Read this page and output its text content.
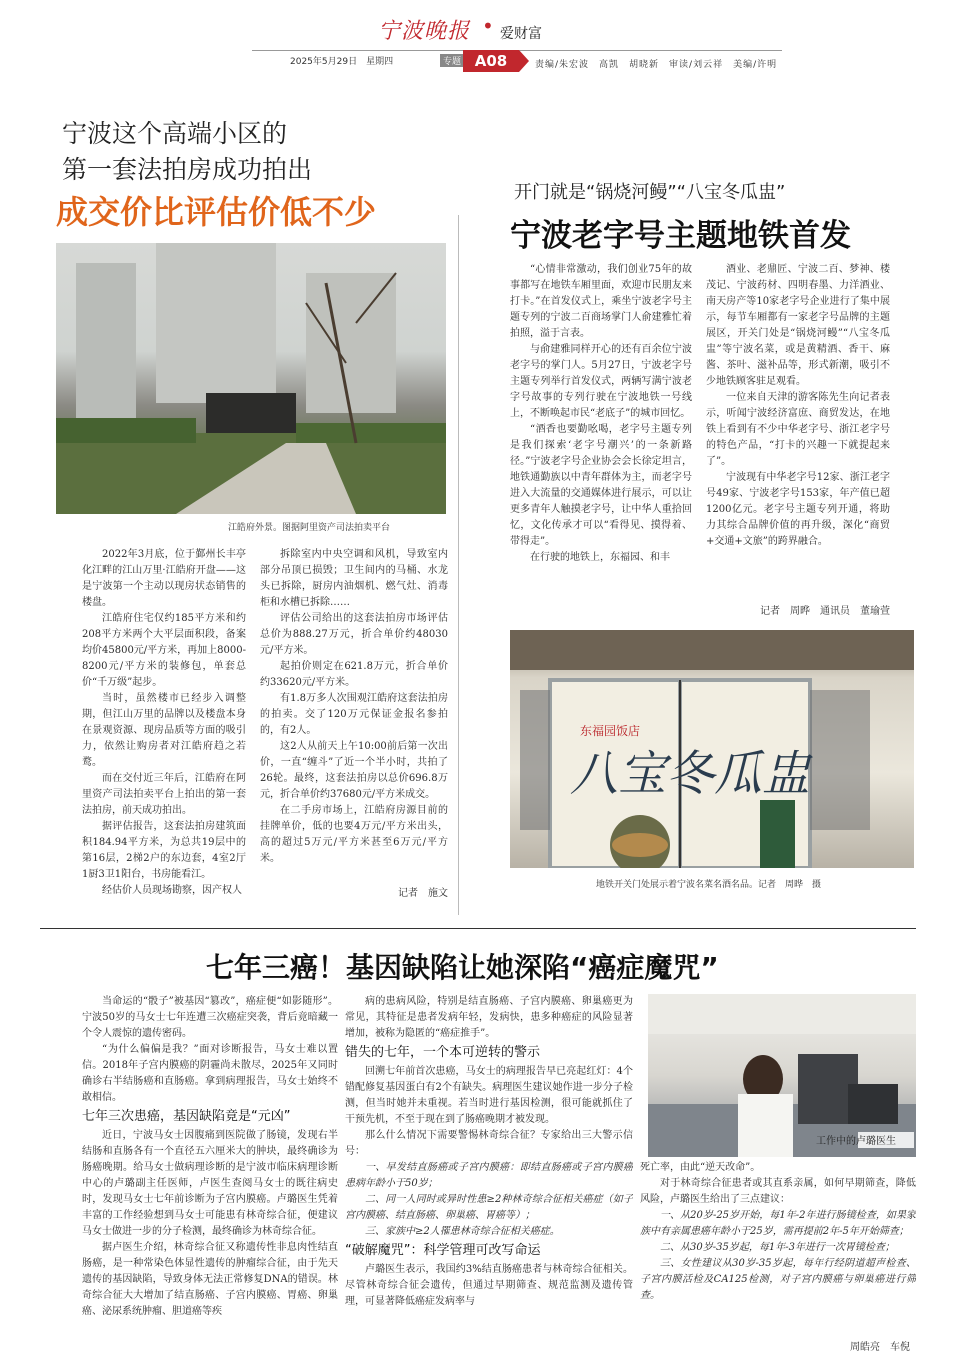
宁波晚报 • 爱财富
2025年5月29日　星期四	专题 A08	责编/朱宏波　高凯　胡晓新　审读/刘云祥　美编/许明
宁波这个高端小区的
第一套法拍房成功拍出
成交价比评估价低不少
江皓府外景。图据阿里资产司法拍卖平台

2022年3月底，位于鄞州长丰亭化江畔的江山万里·江皓府开盘——这是宁波第一个主动以现房状态销售的楼盘。

江皓府住宅仅约185平方米和约208平方米两个大平层面积段，备案均价45800元/平方米，再加上8000-8200元/平方米的装修包，单套总价“千万级”起步。

当时，虽然楼市已经步入调整期，但江山万里的品牌以及楼盘本身在景观资源、现房品质等方面的吸引力，依然让购房者对江皓府趋之若鹜。

而在交付近三年后，江皓府在阿里资产司法拍卖平台上拍出的第一套法拍房，前天成功拍出。

据评估报告，这套法拍房建筑面积184.94平方米，为总共19层中的第16层，2梯2户的东边套，4室2厅1厨3卫1阳台，书房能看江。

经估价人员现场勘察，因产权人

拆除室内中央空调和风机，导致室内部分吊顶已损毁；卫生间内的马桶、水龙头已拆除，厨房内油烟机、燃气灶、消毒柜和水槽已拆除……

评估公司给出的这套法拍房市场评估总价为888.27万元，折合单价约48030元/平方米。

起拍价则定在621.8万元，折合单价约33620元/平方米。

有1.8万多人次围观江皓府这套法拍房的拍卖。交了120万元保证金报名参拍的，有2人。

这2人从前天上午10:00前后第一次出价，一直“缠斗”了近一个半小时，共拍了26轮。最终，这套法拍房以总价696.8万元，折合单价约37680元/平方米成交。

在二手房市场上，江皓府房源目前的挂牌单价，低的也要4万元/平方米出头，高的超过5万元/平方米甚至6万元/平方米。

记者　施文
开门就是“锅烧河鳗”“八宝冬瓜盅”
宁波老字号主题地铁首发

“心情非常激动，我们创业75年的故事都写在地铁车厢里面，欢迎市民朋友来打卡。”在首发仪式上，乘坐宁波老字号主题专列的宁波二百商场掌门人俞建雅忙着拍照，溢于言表。

与俞建雅同样开心的还有百余位宁波老字号的掌门人。5月27日，宁波老字号主题专列举行首发仪式，两辆写满宁波老字号故事的专列行驶在宁波地铁一号线上，不断唤起市民“老底子”的城市回忆。

“酒香也要勤吆喝，老字号主题专列是我们探索‘老字号潮兴’的一条新路径。”宁波老字号企业协会会长徐定坦言，地铁通勤族以中青年群体为主，而老字号进入大流量的交通媒体进行展示，可以让更多青年人触摸老字号，让中华人重拾回忆，文化传承才可以“看得见、摸得着、带得走”。

在行驶的地铁上，东福园、和丰

酒业、老鼎匠、宁波二百、梦神、楼茂记、宁波药材、四明春墨、力洋酒业、南天房产等10家老字号企业进行了集中展示，每节车厢都有一家老字号品牌的主题展区，开关门处是“锅烧河鳗”“八宝冬瓜盅”等宁波名菜，或是黄精酒、香干、麻酱、茶叶、滋补品等，形式新潮，吸引不少地铁顾客驻足观看。

一位来自天津的游客陈先生向记者表示，听闻宁波经济富庶、商贸发达，在地铁上看到有不少中华老字号、浙江老字号的特色产品，“打卡的兴趣一下就提起来了”。

宁波现有中华老字号12家、浙江老字号49家、宁波老字号153家，年产值已超1200亿元。老字号主题专列开通，将助力其综合品牌价值的再升级，深化“商贸+交通+文旅”的跨界融合。

记者　周晔　通讯员　董瑜萱
东福园饭店
八宝冬瓜盅
地铁开关门处展示着宁波名菜名酒名品。记者　周晔　摄
七年三癌！基因缺陷让她深陷“癌症魔咒”

当命运的“骰子”被基因“篡改”，癌症便“如影随形”。宁波50岁的马女士七年连遭三次癌症突袭，背后竟暗藏一个令人震惊的遗传密码。

“为什么偏偏是我？”面对诊断报告，马女士难以置信。2018年子宫内膜癌的阴霾尚未散尽，2025年又同时确诊右半结肠癌和直肠癌。拿到病理报告，马女士始终不敢相信。

七年三次患癌，基因缺陷竟是“元凶”

近日，宁波马女士因腹痛到医院做了肠镜，发现右半结肠和直肠各有一个直径五六厘米大的肿块，最终确诊为肠癌晚期。给马女士做病理诊断的是宁波市临床病理诊断中心的卢璐副主任医师，卢医生查阅马女士的既往病史时，发现马女士七年前诊断为子宫内膜癌。卢璐医生凭着丰富的工作经验想到马女士可能患有林奇综合征，便建议马女士做进一步的分子检测，最终确诊为林奇综合征。

据卢医生介绍，林奇综合征又称遗传性非息肉性结直肠癌，是一种常染色体显性遗传的肿瘤综合征，由于先天遗传的基因缺陷，导致身体无法正常修复DNA的错误。林奇综合征大大增加了结直肠癌、子宫内膜癌、胃癌、卵巢癌、泌尿系统肿瘤、胆道癌等疾

病的患病风险，特别是结直肠癌、子宫内膜癌、卵巢癌更为常见，其特征是患者发病年轻，发病快，患多种癌症的风险显著增加，被称为隐匿的“癌症推手”。

错失的七年，一个本可逆转的警示

回溯七年前首次患癌，马女士的病理报告早已亮起红灯：4个错配修复基因蛋白有2个有缺失。病理医生建议她作进一步分子检测，但当时她并未重视。若当时进行基因检测，很可能就抓住了干预先机，不至于现在到了肠癌晚期才被发现。

那么什么情况下需要警惕林奇综合征？专家给出三大警示信号：

一、早发结直肠癌或子宫内膜癌：即结直肠癌或子宫内膜癌患病年龄小于50岁；

二、同一人同时或异时性患≥2种林奇综合征相关癌症（如子宫内膜癌、结直肠癌、卵巢癌、胃癌等）；

三、家族中≥2人罹患林奇综合征相关癌症。

“破解魔咒”：科学管理可改写命运

卢璐医生表示，我国约3%结直肠癌患者与林奇综合征相关。尽管林奇综合征会遗传，但通过早期筛查、规范监测及遗传管理，可显著降低癌症发病率与

工作中的卢璐医生

死亡率，由此“逆天改命”。

对于林奇综合征患者或其直系亲属，如何早期筛查，降低风险，卢璐医生给出了三点建议：

一、从20岁-25岁开始，每1年-2年进行肠镜检查，如果家族中有亲属患癌年龄小于25岁，需再提前2年-5年开始筛查；

二、从30岁-35岁起，每1年-3年进行一次胃镜检查；

三、女性建议从30岁-35岁起，每年行经阴道超声检查、子宫内膜活检及CA125检测，对子宫内膜癌与卵巢癌进行筛查。

周皓亮　车倪
